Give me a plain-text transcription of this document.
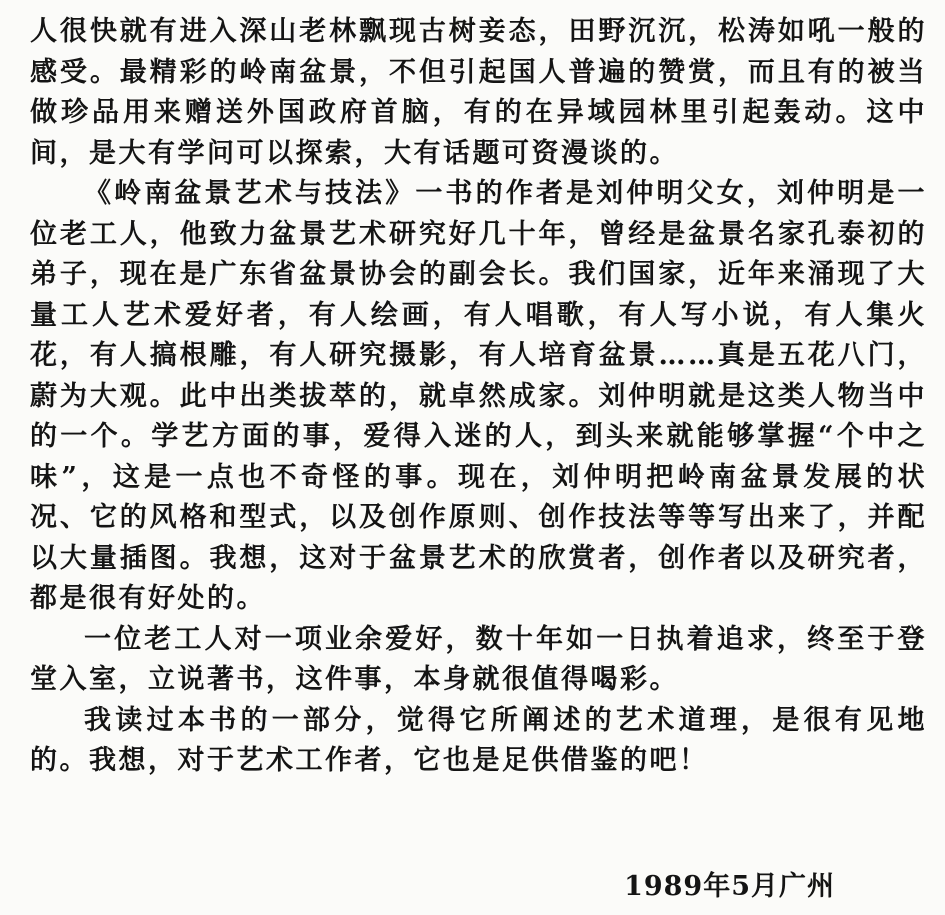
人很快就有进入深山老林飘现古树妾态，田野沉沉，松涛如吼一般的感受。最精彩的岭南盆景，不但引起国人普遍的赞赏，而且有的被当做珍品用来赠送外国政府首脑，有的在异域园林里引起轰动。这中间，是大有学问可以探索，大有话题可资漫谈的。

《岭南盆景艺术与技法》一书的作者是刘仲明父女，刘仲明是一位老工人，他致力盆景艺术研究好几十年，曾经是盆景名家孔泰初的弟子，现在是广东省盆景协会的副会长。我们国家，近年来涌现了大量工人艺术爱好者，有人绘画，有人唱歌，有人写小说，有人集火花，有人搞根雕，有人研究摄影，有人培育盆景……真是五花八门，蔚为大观。此中出类拔萃的，就卓然成家。刘仲明就是这类人物当中的一个。学艺方面的事，爱得入迷的人，到头来就能够掌握“个中之味”，这是一点也不奇怪的事。现在，刘仲明把岭南盆景发展的状况、它的风格和型式，以及创作原则、创作技法等等写出来了，并配以大量插图。我想，这对于盆景艺术的欣赏者，创作者以及研究者，都是很有好处的。

一位老工人对一项业余爱好，数十年如一日执着追求，终至于登堂入室，立说著书，这件事，本身就很值得喝彩。

我读过本书的一部分，觉得它所阐述的艺术道理，是很有见地的。我想，对于艺术工作者，它也是足供借鉴的吧！

1989年5月广州
